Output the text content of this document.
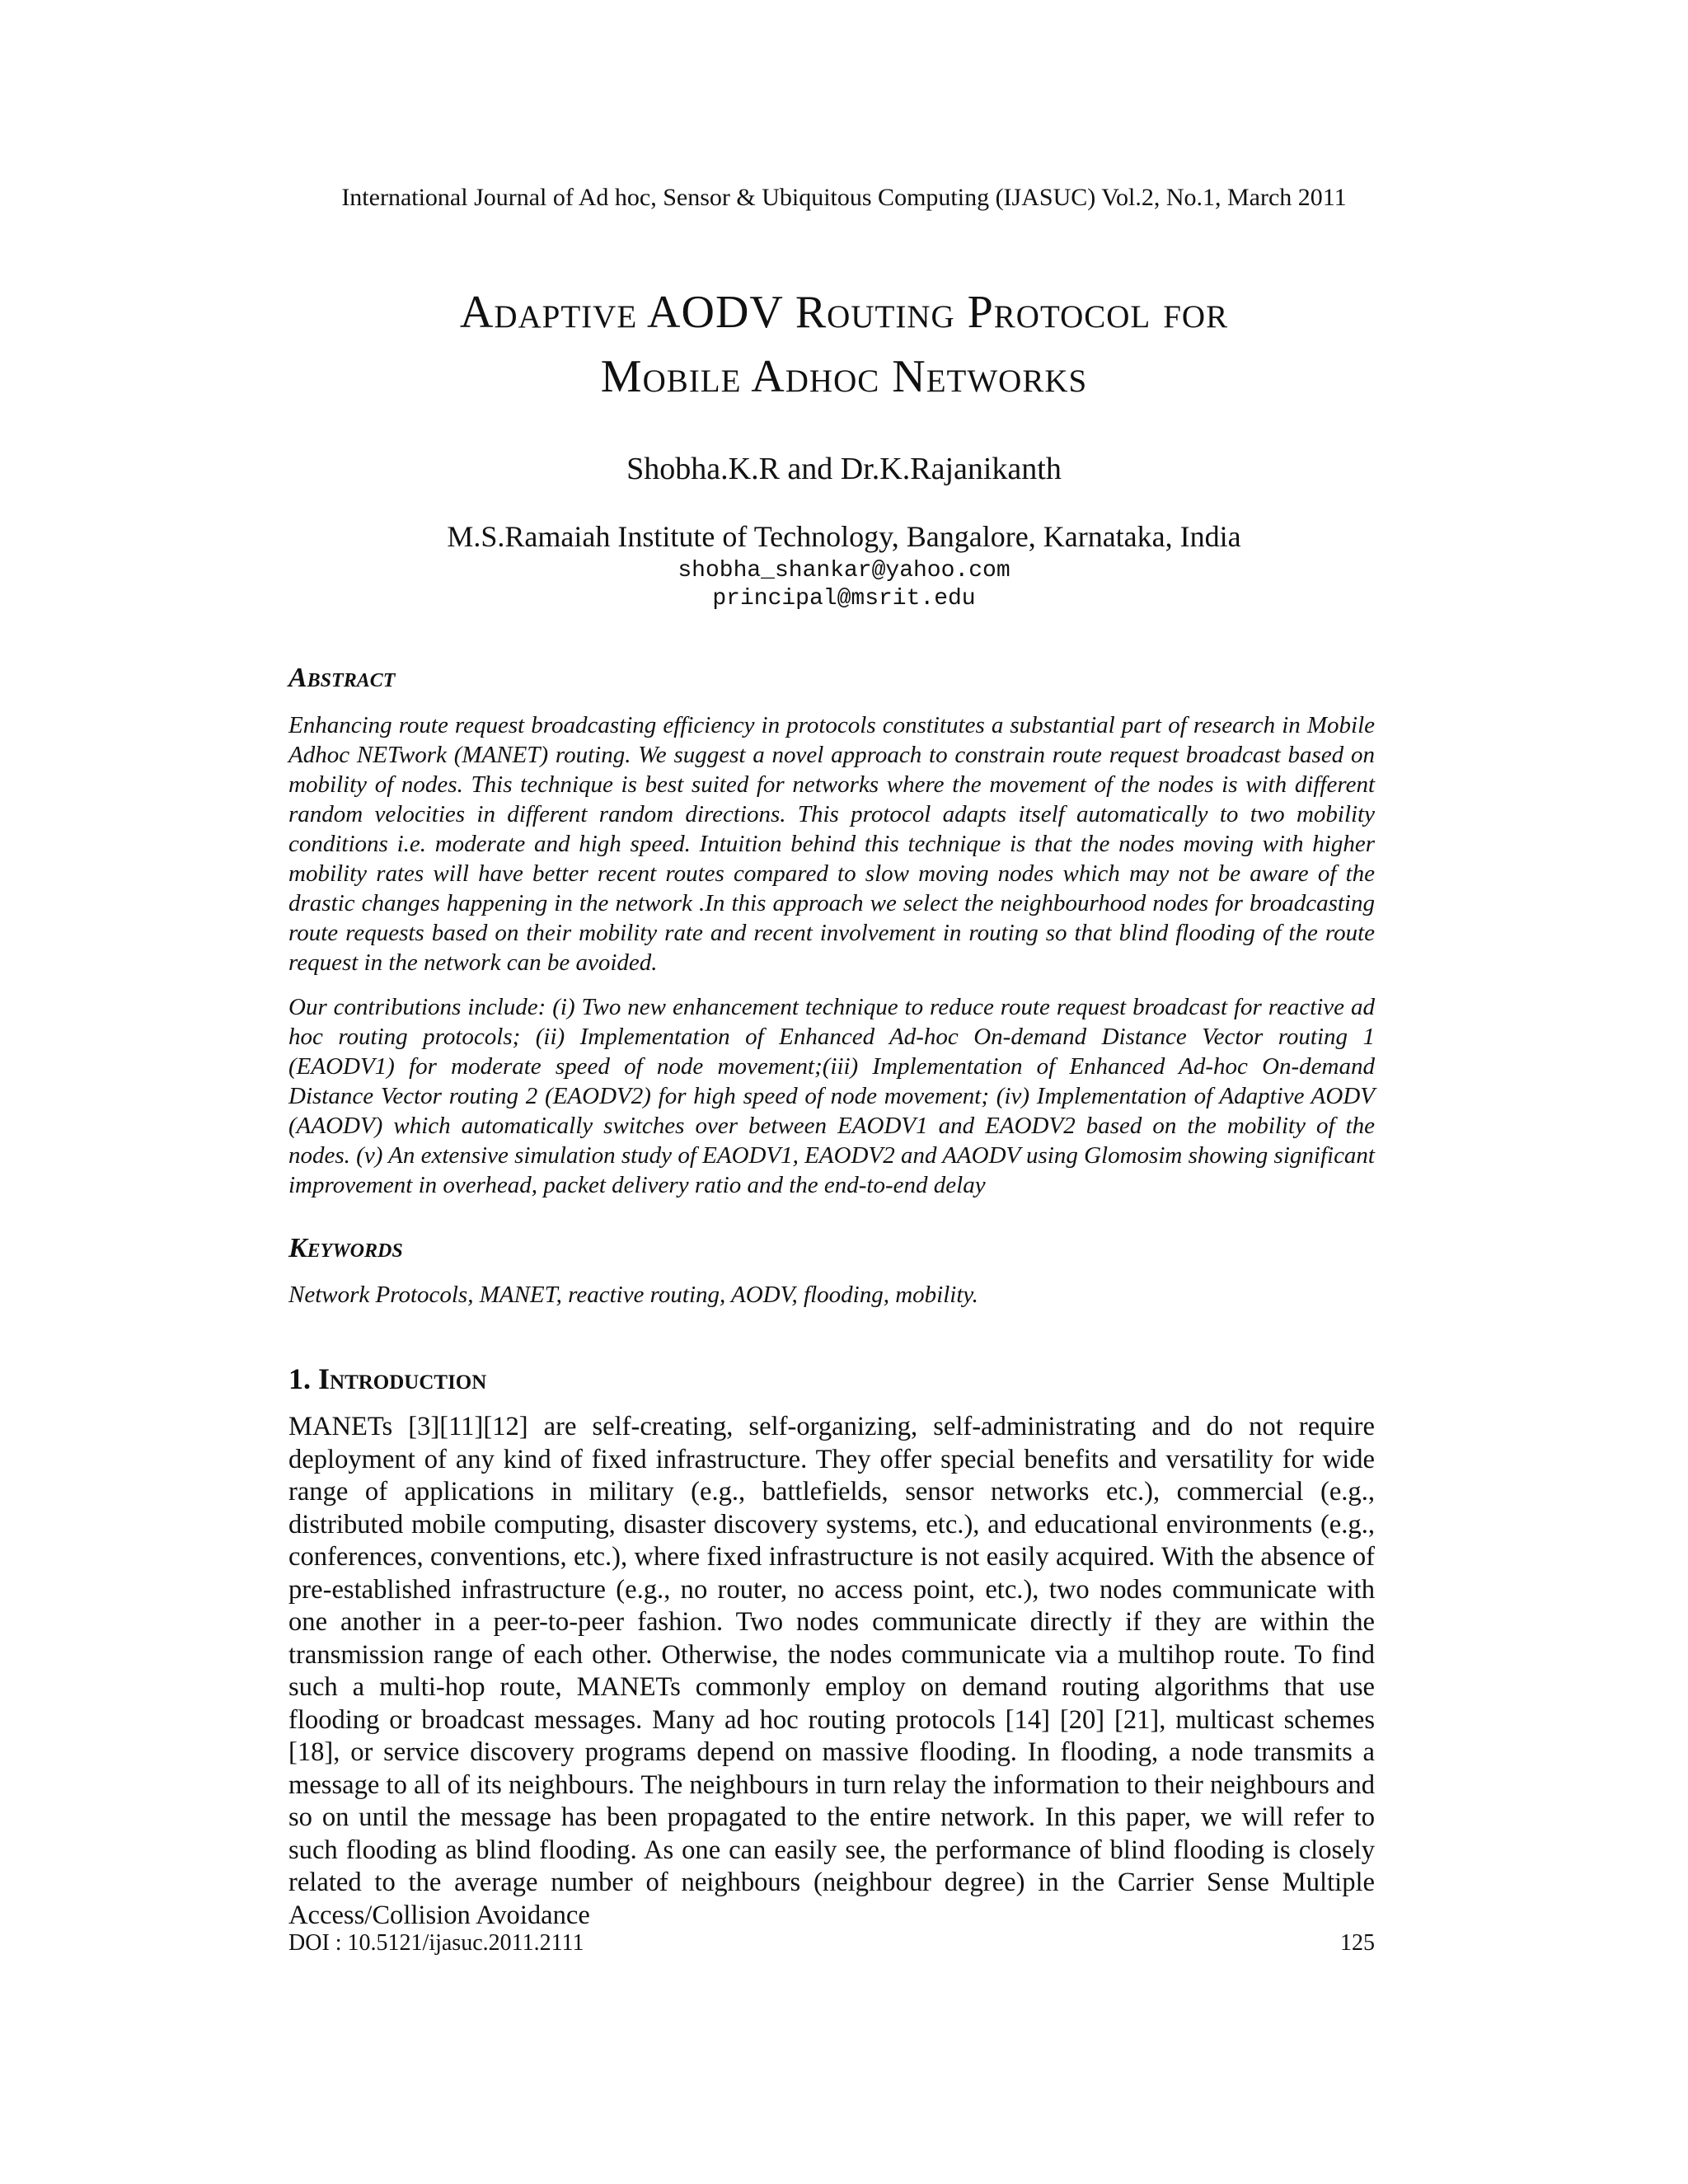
International Journal of Ad hoc, Sensor & Ubiquitous Computing (IJASUC) Vol.2, No.1, March 2011
Adaptive AODV Routing Protocol for
Mobile Adhoc Networks
Shobha.K.R and Dr.K.Rajanikanth
M.S.Ramaiah Institute of Technology, Bangalore, Karnataka, India
shobha_shankar@yahoo.com
principal@msrit.edu
Abstract

Enhancing route request broadcasting efficiency in protocols constitutes a substantial part of research in Mobile Adhoc NETwork (MANET) routing. We suggest a novel approach to constrain route request broadcast based on mobility of nodes. This technique is best suited for networks where the movement of the nodes is with different random velocities in different random directions. This protocol adapts itself automatically to two mobility conditions i.e. moderate and high speed. Intuition behind this technique is that the nodes moving with higher mobility rates will have better recent routes compared to slow moving nodes which may not be aware of the drastic changes happening in the network .In this approach we select the neighbourhood nodes for broadcasting route requests based on their mobility rate and recent involvement in routing so that blind flooding of the route request in the network can be avoided.

Our contributions include: (i) Two new enhancement technique to reduce route request broadcast for reactive ad hoc routing protocols; (ii) Implementation of Enhanced Ad-hoc On-demand Distance Vector routing 1 (EAODV1) for moderate speed of node movement;(iii) Implementation of Enhanced Ad-hoc On-demand Distance Vector routing 2 (EAODV2) for high speed of node movement; (iv) Implementation of Adaptive AODV (AAODV) which automatically switches over between EAODV1 and EAODV2 based on the mobility of the nodes. (v) An extensive simulation study of EAODV1, EAODV2 and AAODV using Glomosim showing significant improvement in overhead, packet delivery ratio and the end-to-end delay

Keywords

Network Protocols, MANET, reactive routing, AODV, flooding, mobility.

1. Introduction

MANETs [3][11][12] are self-creating, self-organizing, self-administrating and do not require deployment of any kind of fixed infrastructure. They offer special benefits and versatility for wide range of applications in military (e.g., battlefields, sensor networks etc.), commercial (e.g., distributed mobile computing, disaster discovery systems, etc.), and educational environments (e.g., conferences, conventions, etc.), where fixed infrastructure is not easily acquired. With the absence of pre-established infrastructure (e.g., no router, no access point, etc.), two nodes communicate with one another in a peer-to-peer fashion. Two nodes communicate directly if they are within the transmission range of each other. Otherwise, the nodes communicate via a multihop route. To find such a multi-hop route, MANETs commonly employ on demand routing algorithms that use flooding or broadcast messages. Many ad hoc routing protocols [14] [20] [21], multicast schemes [18], or service discovery programs depend on massive flooding. In flooding, a node transmits a message to all of its neighbours. The neighbours in turn relay the information to their neighbours and so on until the message has been propagated to the entire network. In this paper, we will refer to such flooding as blind flooding. As one can easily see, the performance of blind flooding is closely related to the average number of neighbours (neighbour degree) in the Carrier Sense Multiple Access/Collision Avoidance

DOI : 10.5121/ijasuc.2011.2111	125
